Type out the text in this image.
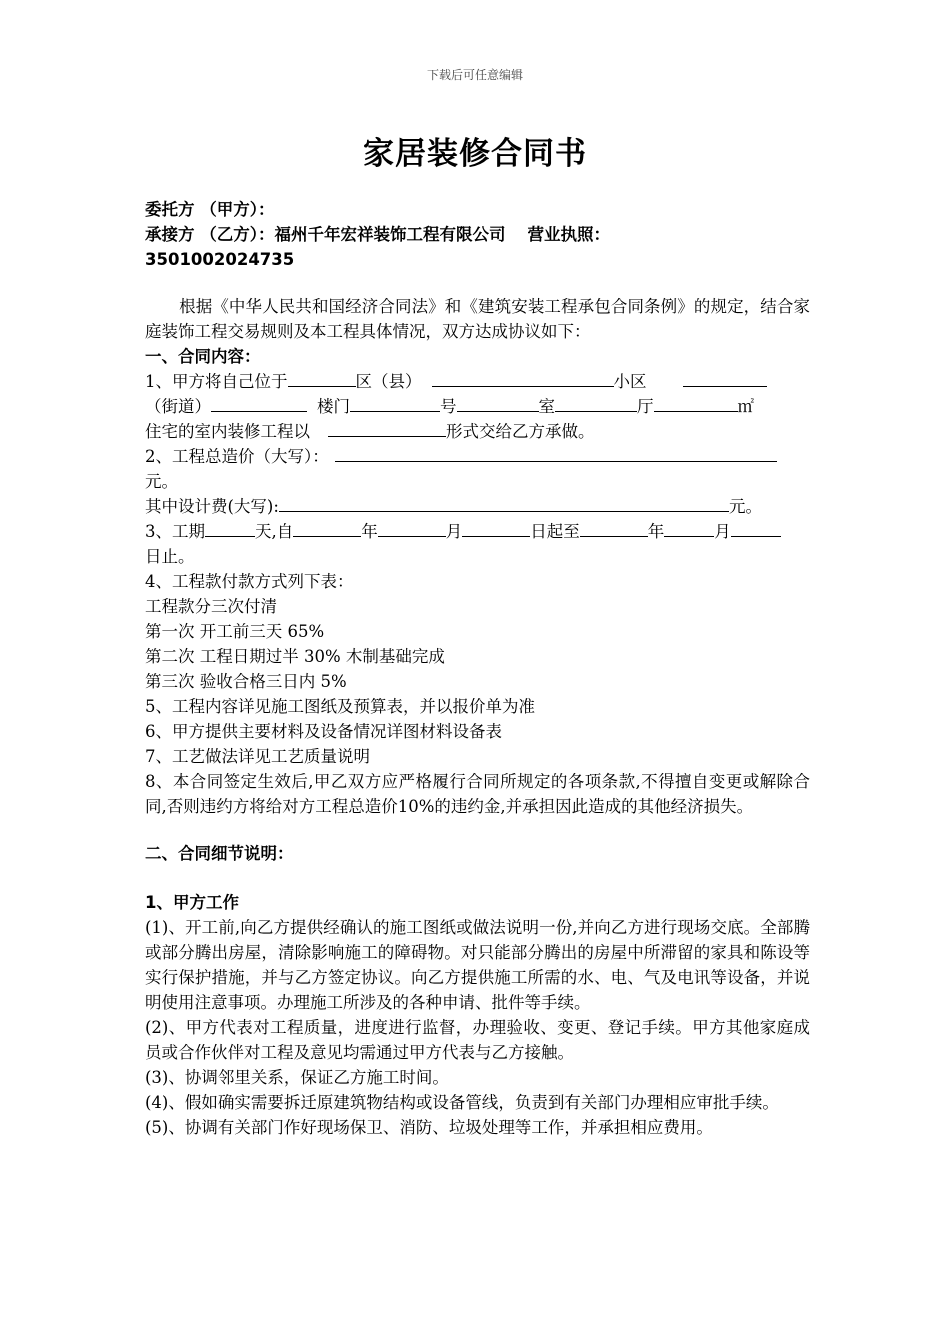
下载后可任意编辑
家居装修合同书
委托方 （甲方）：
承接方 （乙方）：福州千年宏祥装饰工程有限公司 营业执照：
3501002024735
根据《中华人民共和国经济合同法》和《建筑安装工程承包合同条例》的规定，结合家庭装饰工程交易规则及本工程具体情况，双方达成协议如下：
一、合同内容：
1、甲方将自己位于	区（县）	小区
（街道）	楼门	号	室	厅	㎡
住宅的室内装修工程以	形式交给乙方承做。
2、工程总造价（大写）：
元。
其中设计费(大写):	元。
3、工期	天,自	年	月	日起至	年	月
日止。
4、工程款付款方式列下表：
工程款分三次付清
第一次 开工前三天 65%
第二次 工程日期过半 30% 木制基础完成
第三次 验收合格三日内 5%
5、工程内容详见施工图纸及预算表，并以报价单为准
6、甲方提供主要材料及设备情况详图材料设备表
7、工艺做法详见工艺质量说明
8、本合同签定生效后,甲乙双方应严格履行合同所规定的各项条款,不得擅自变更或解除合同,否则违约方将给对方工程总造价10%的违约金,并承担因此造成的其他经济损失。
二、合同细节说明：
1、甲方工作
(1)、开工前,向乙方提供经确认的施工图纸或做法说明一份,并向乙方进行现场交底。全部腾或部分腾出房屋，清除影响施工的障碍物。对只能部分腾出的房屋中所滞留的家具和陈设等实行保护措施，并与乙方签定协议。向乙方提供施工所需的水、电、气及电讯等设备，并说明使用注意事项。办理施工所涉及的各种申请、批件等手续。
(2)、甲方代表对工程质量，进度进行监督，办理验收、变更、登记手续。甲方其他家庭成员或合作伙伴对工程及意见均需通过甲方代表与乙方接触。
(3)、协调邻里关系，保证乙方施工时间。
(4)、假如确实需要拆迁原建筑物结构或设备管线，负责到有关部门办理相应审批手续。
(5)、协调有关部门作好现场保卫、消防、垃圾处理等工作，并承担相应费用。
